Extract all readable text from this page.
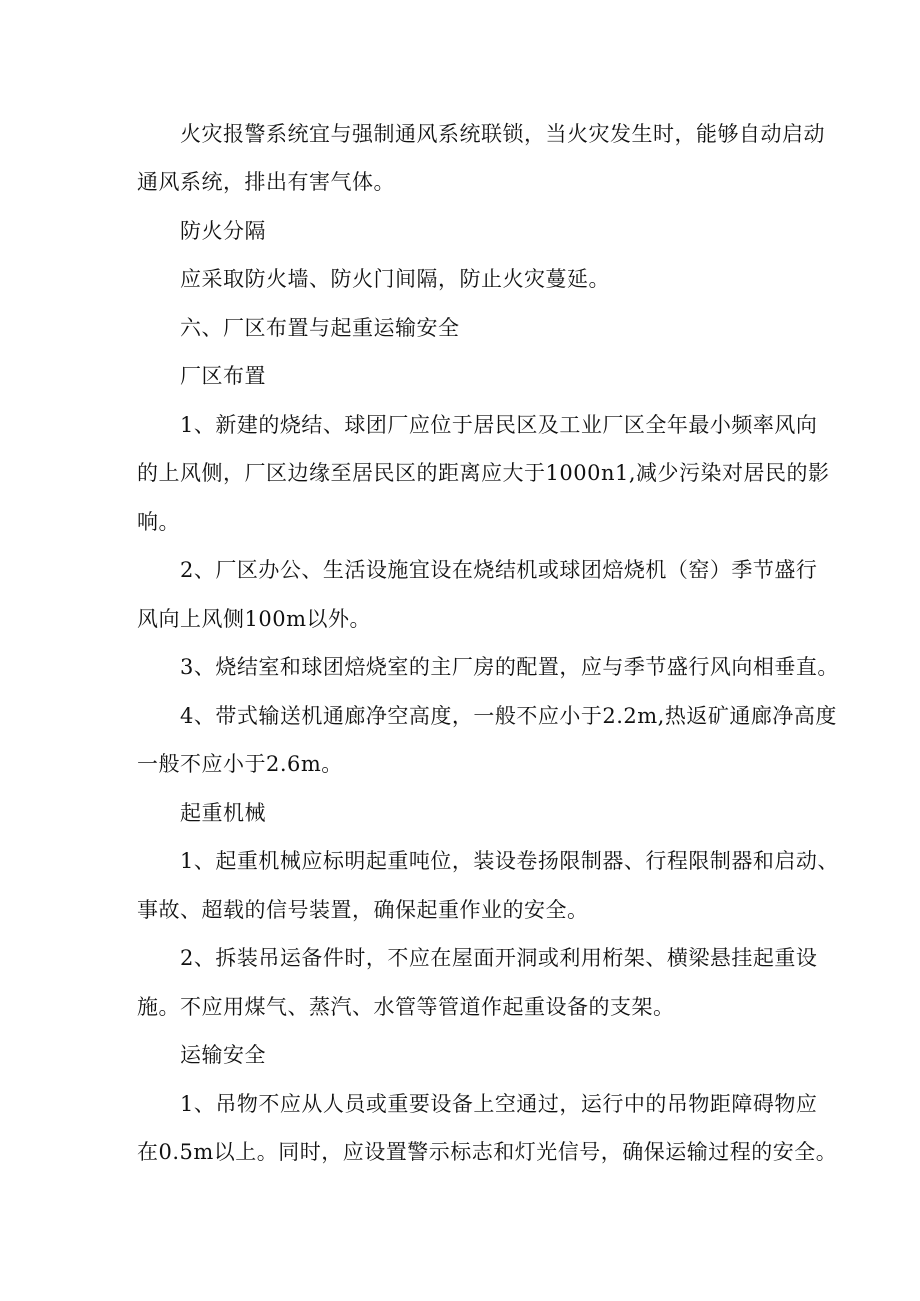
火灾报警系统宜与强制通风系统联锁，当火灾发生时，能够自动启动
通风系统，排出有害气体。
防火分隔
应采取防火墙、防火门间隔，防止火灾蔓延。
六、厂区布置与起重运输安全
厂区布置
1、新建的烧结、球团厂应位于居民区及工业厂区全年最小频率风向
的上风侧，厂区边缘至居民区的距离应大于1000n1,减少污染对居民的影
响。
2、厂区办公、生活设施宜设在烧结机或球团焙烧机（窑）季节盛行
风向上风侧100m以外。
3、烧结室和球团焙烧室的主厂房的配置，应与季节盛行风向相垂直。
4、带式输送机通廊净空高度，一般不应小于2.2m,热返矿通廊净高度
一般不应小于2.6m。
起重机械
1、起重机械应标明起重吨位，装设卷扬限制器、行程限制器和启动、
事故、超载的信号装置，确保起重作业的安全。
2、拆装吊运备件时，不应在屋面开洞或利用桁架、横梁悬挂起重设
施。不应用煤气、蒸汽、水管等管道作起重设备的支架。
运输安全
1、吊物不应从人员或重要设备上空通过，运行中的吊物距障碍物应
在0.5m以上。同时，应设置警示标志和灯光信号，确保运输过程的安全。
